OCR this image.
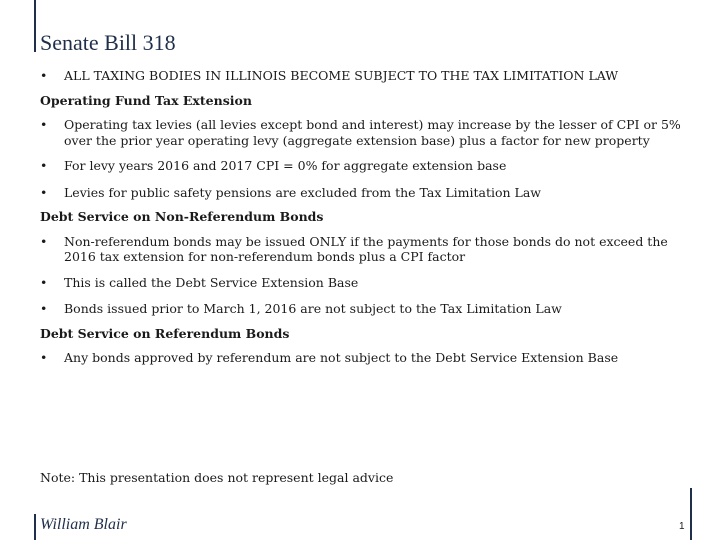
Senate Bill 318

• ALL TAXING BODIES IN ILLINOIS BECOME SUBJECT TO THE TAX LIMITATION LAW

Operating Fund Tax Extension

• Operating tax levies (all levies except bond and interest) may increase by the lesser of CPI or 5% over the prior year operating levy (aggregate extension base) plus a factor for new property

• For levy years 2016 and 2017 CPI = 0% for aggregate extension base

• Levies for public safety pensions are excluded from the Tax Limitation Law

Debt Service on Non-Referendum Bonds

• Non-referendum bonds may be issued ONLY if the payments for those bonds do not exceed the 2016 tax extension for non-referendum bonds plus a CPI factor

• This is called the Debt Service Extension Base

• Bonds issued prior to March 1, 2016 are not subject to the Tax Limitation Law

Debt Service on Referendum Bonds

• Any bonds approved by referendum are not subject to the Debt Service Extension Base

Note: This presentation does not represent legal advice
William Blair	1
